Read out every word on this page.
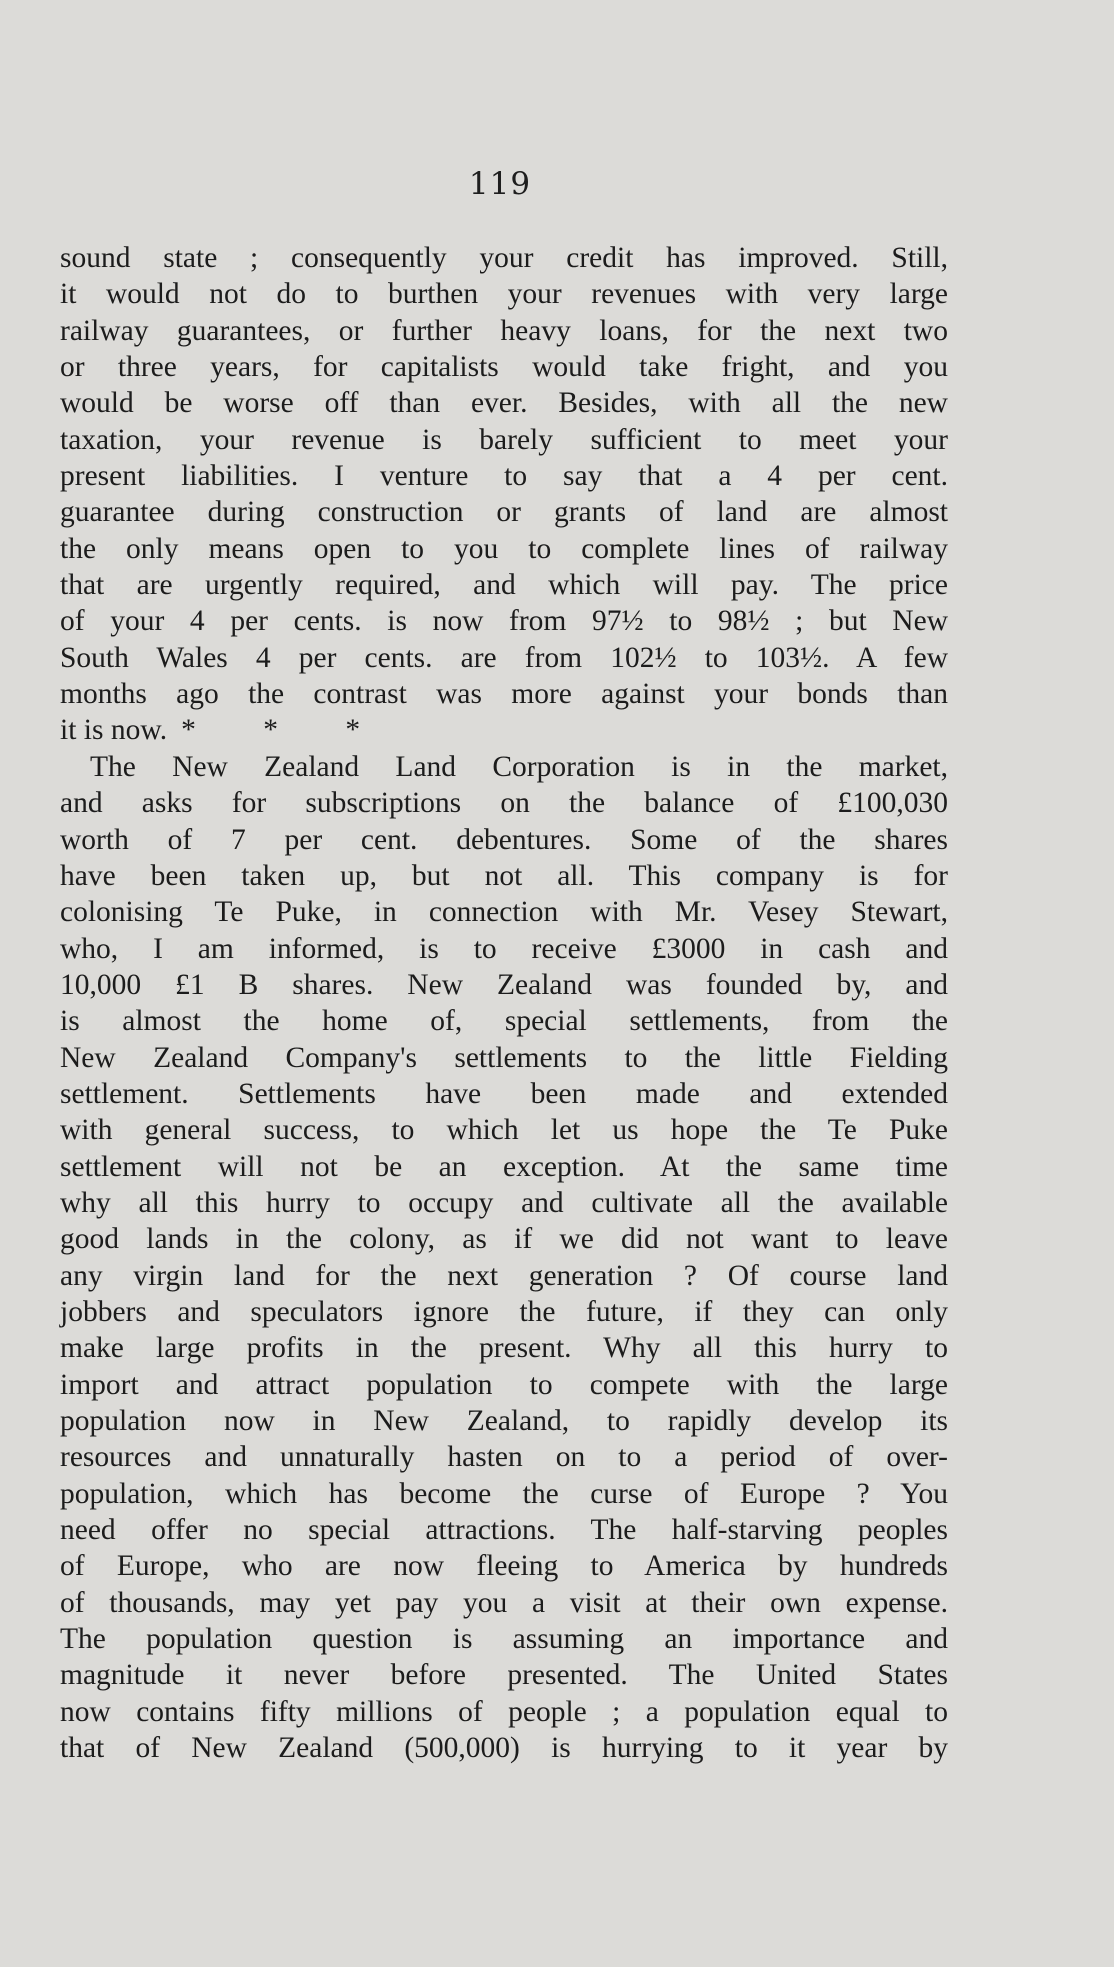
119
sound state ; consequently your credit has improved. Still,
it would not do to burthen your revenues with very large
railway guarantees, or further heavy loans, for the next two
or three years, for capitalists would take fright, and you
would be worse off than ever. Besides, with all the new
taxation, your revenue is barely sufficient to meet your
present liabilities. I venture to say that a 4 per cent.
guarantee during construction or grants of land are almost
the only means open to you to complete lines of railway
that are urgently required, and which will pay. The price
of your 4 per cents. is now from 97½ to 98½ ; but New
South Wales 4 per cents. are from 102½ to 103½. A few
months ago the contrast was more against your bonds than
it is now. * * *
The New Zealand Land Corporation is in the market,
and asks for subscriptions on the balance of £100,030
worth of 7 per cent. debentures. Some of the shares
have been taken up, but not all. This company is for
colonising Te Puke, in connection with Mr. Vesey Stewart,
who, I am informed, is to receive £3000 in cash and
10,000 £1 B shares. New Zealand was founded by, and
is almost the home of, special settlements, from the
New Zealand Company's settlements to the little Fielding
settlement. Settlements have been made and extended
with general success, to which let us hope the Te Puke
settlement will not be an exception. At the same time
why all this hurry to occupy and cultivate all the available
good lands in the colony, as if we did not want to leave
any virgin land for the next generation ? Of course land
jobbers and speculators ignore the future, if they can only
make large profits in the present. Why all this hurry to
import and attract population to compete with the large
population now in New Zealand, to rapidly develop its
resources and unnaturally hasten on to a period of over-
population, which has become the curse of Europe ? You
need offer no special attractions. The half-starving peoples
of Europe, who are now fleeing to America by hundreds
of thousands, may yet pay you a visit at their own expense.
The population question is assuming an importance and
magnitude it never before presented. The United States
now contains fifty millions of people ; a population equal to
that of New Zealand (500,000) is hurrying to it year by
